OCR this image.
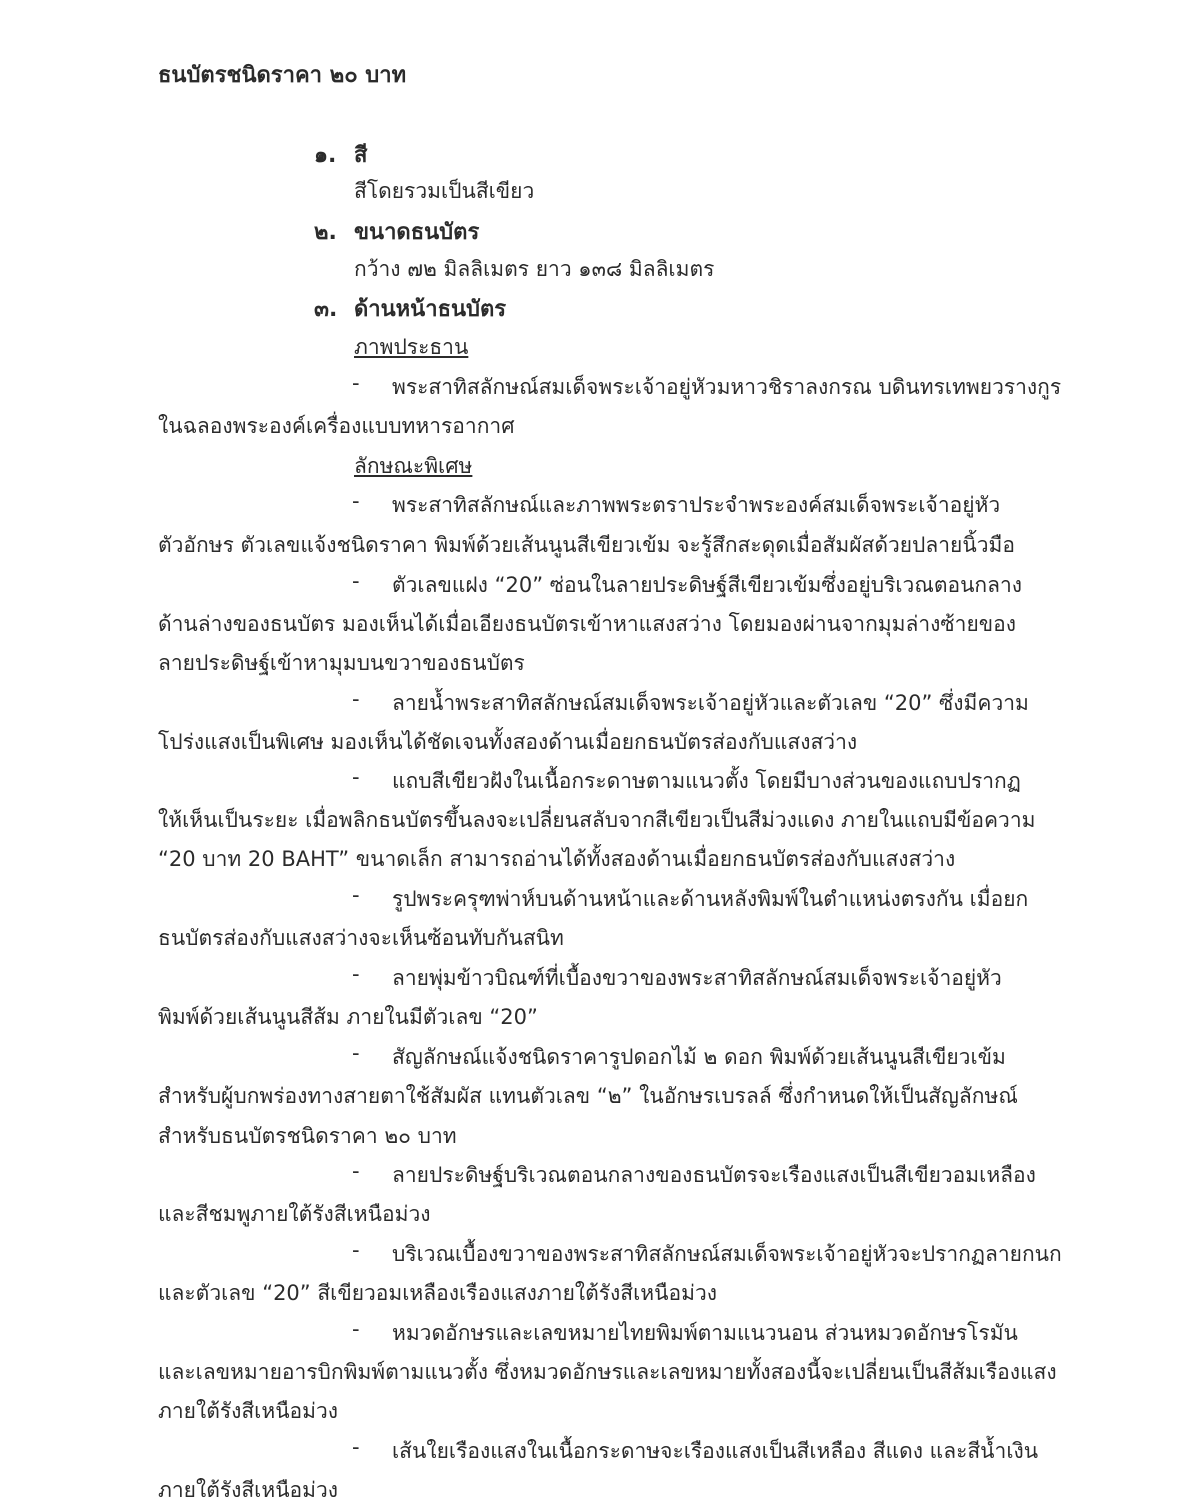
ธนบัตรชนิดราคา ๒๐ บาท
๑. สี
สีโดยรวมเป็นสีเขียว
๒. ขนาดธนบัตร
กว้าง ๗๒ มิลลิเมตร ยาว ๑๓๘ มิลลิเมตร
๓. ด้านหน้าธนบัตร
ภาพประธาน
- พระสาทิสลักษณ์สมเด็จพระเจ้าอยู่หัวมหาวชิราลงกรณ บดินทรเทพยวรางกูร
ในฉลองพระองค์เครื่องแบบทหารอากาศ
ลักษณะพิเศษ
- พระสาทิสลักษณ์และภาพพระตราประจำพระองค์สมเด็จพระเจ้าอยู่หัว
ตัวอักษร ตัวเลขแจ้งชนิดราคา พิมพ์ด้วยเส้นนูนสีเขียวเข้ม จะรู้สึกสะดุดเมื่อสัมผัสด้วยปลายนิ้วมือ
- ตัวเลขแฝง “20” ซ่อนในลายประดิษฐ์สีเขียวเข้มซึ่งอยู่บริเวณตอนกลาง
ด้านล่างของธนบัตร มองเห็นได้เมื่อเอียงธนบัตรเข้าหาแสงสว่าง โดยมองผ่านจากมุมล่างซ้ายของ
ลายประดิษฐ์เข้าหามุมบนขวาของธนบัตร
- ลายน้ำพระสาทิสลักษณ์สมเด็จพระเจ้าอยู่หัวและตัวเลข “20” ซึ่งมีความ
โปร่งแสงเป็นพิเศษ มองเห็นได้ชัดเจนทั้งสองด้านเมื่อยกธนบัตรส่องกับแสงสว่าง
- แถบสีเขียวฝังในเนื้อกระดาษตามแนวตั้ง โดยมีบางส่วนของแถบปรากฏ
ให้เห็นเป็นระยะ เมื่อพลิกธนบัตรขึ้นลงจะเปลี่ยนสลับจากสีเขียวเป็นสีม่วงแดง ภายในแถบมีข้อความ
“20 บาท 20 BAHT” ขนาดเล็ก สามารถอ่านได้ทั้งสองด้านเมื่อยกธนบัตรส่องกับแสงสว่าง
- รูปพระครุฑพ่าห์บนด้านหน้าและด้านหลังพิมพ์ในตำแหน่งตรงกัน เมื่อยก
ธนบัตรส่องกับแสงสว่างจะเห็นซ้อนทับกันสนิท
- ลายพุ่มข้าวบิณฑ์ที่เบื้องขวาของพระสาทิสลักษณ์สมเด็จพระเจ้าอยู่หัว
พิมพ์ด้วยเส้นนูนสีส้ม ภายในมีตัวเลข “20”
- สัญลักษณ์แจ้งชนิดราคารูปดอกไม้ ๒ ดอก พิมพ์ด้วยเส้นนูนสีเขียวเข้ม
สำหรับผู้บกพร่องทางสายตาใช้สัมผัส แทนตัวเลข “๒” ในอักษรเบรลล์ ซึ่งกำหนดให้เป็นสัญลักษณ์
สำหรับธนบัตรชนิดราคา ๒๐ บาท
- ลายประดิษฐ์บริเวณตอนกลางของธนบัตรจะเรืองแสงเป็นสีเขียวอมเหลือง
และสีชมพูภายใต้รังสีเหนือม่วง
- บริเวณเบื้องขวาของพระสาทิสลักษณ์สมเด็จพระเจ้าอยู่หัวจะปรากฏลายกนก
และตัวเลข “20” สีเขียวอมเหลืองเรืองแสงภายใต้รังสีเหนือม่วง
- หมวดอักษรและเลขหมายไทยพิมพ์ตามแนวนอน ส่วนหมวดอักษรโรมัน
และเลขหมายอารบิกพิมพ์ตามแนวตั้ง ซึ่งหมวดอักษรและเลขหมายทั้งสองนี้จะเปลี่ยนเป็นสีส้มเรืองแสง
ภายใต้รังสีเหนือม่วง
- เส้นใยเรืองแสงในเนื้อกระดาษจะเรืองแสงเป็นสีเหลือง สีแดง และสีน้ำเงิน
ภายใต้รังสีเหนือม่วง
